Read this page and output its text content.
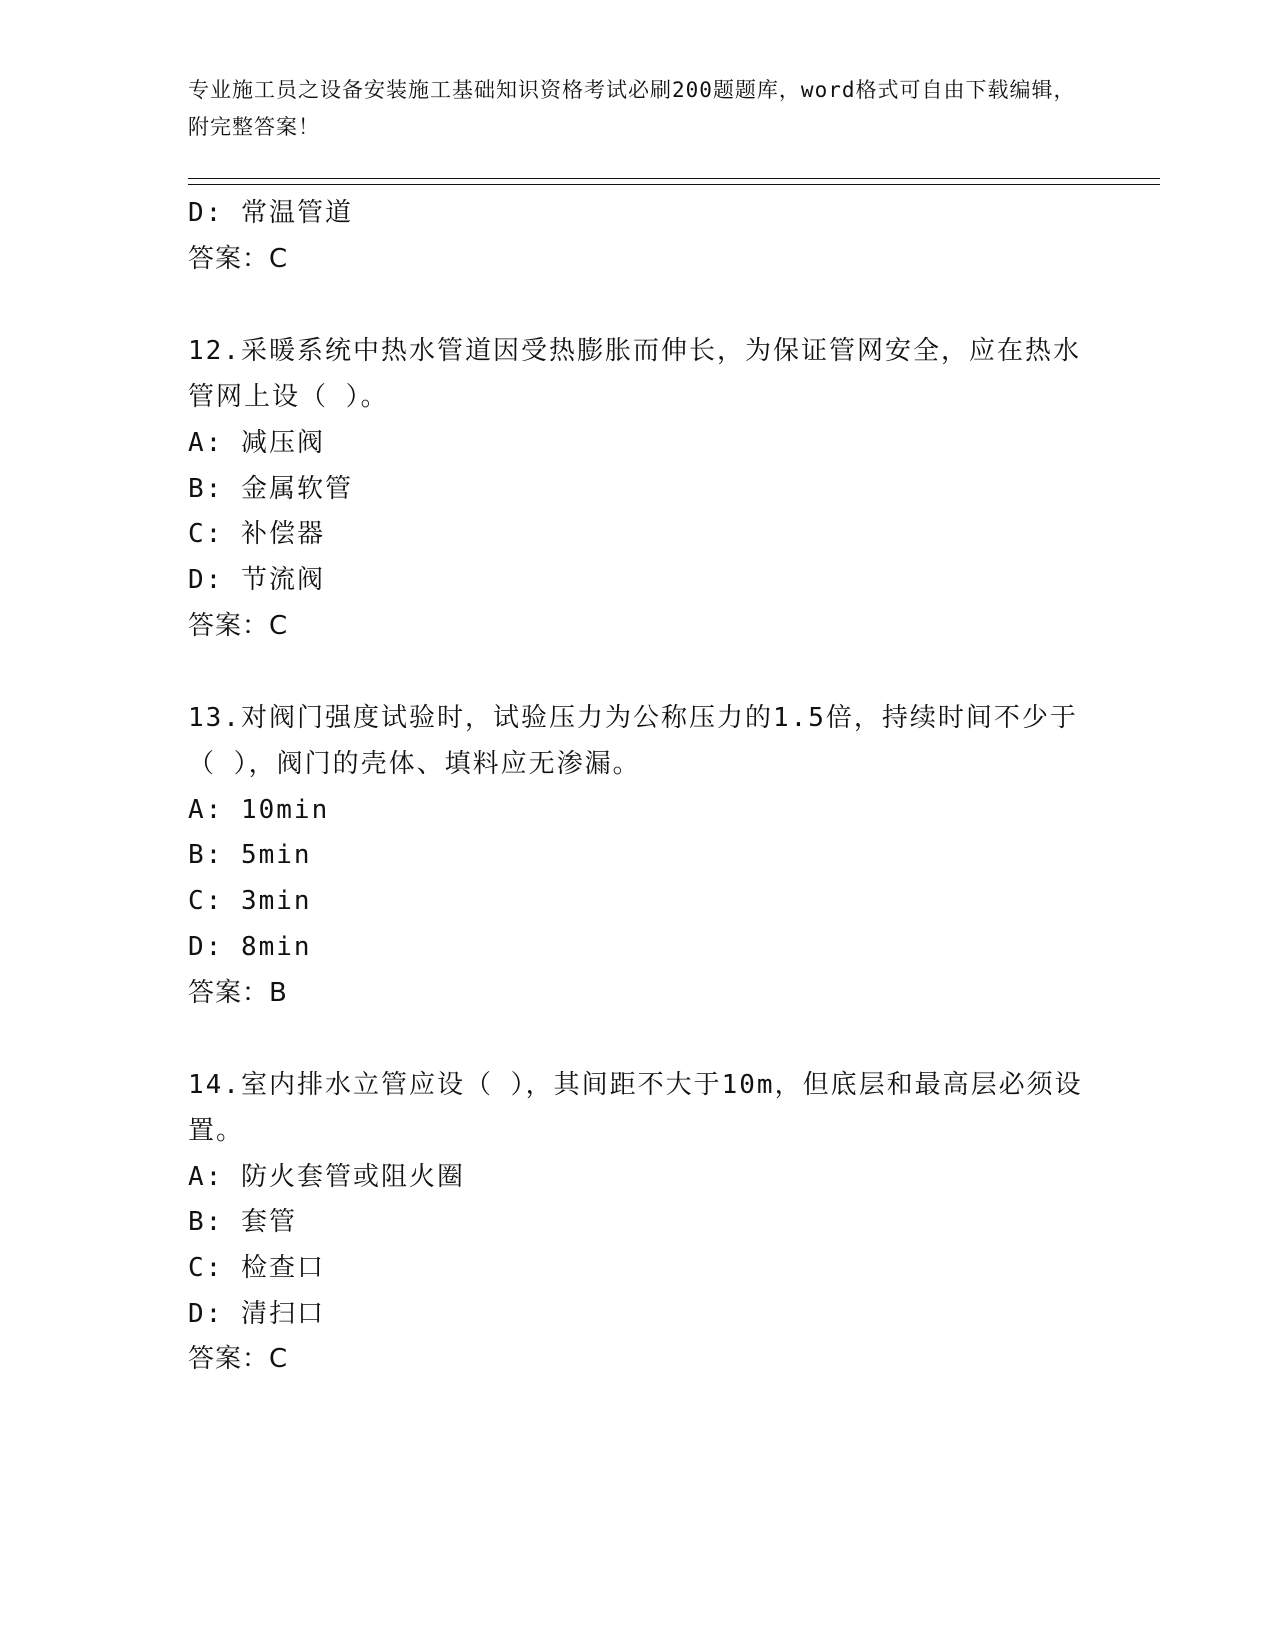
专业施工员之设备安装施工基础知识资格考试必刷200题题库，word格式可自由下载编辑，附完整答案！
D: 常温管道
答案：C
12.采暖系统中热水管道因受热膨胀而伸长，为保证管网安全，应在热水管网上设（ ）。
A: 减压阀
B: 金属软管
C: 补偿器
D: 节流阀
答案：C
13.对阀门强度试验时，试验压力为公称压力的1.5倍，持续时间不少于（ ），阀门的壳体、填料应无渗漏。
A: 10min
B: 5min
C: 3min
D: 8min
答案：B
14.室内排水立管应设（ ），其间距不大于10m，但底层和最高层必须设置。
A: 防火套管或阻火圈
B: 套管
C: 检查口
D: 清扫口
答案：C
